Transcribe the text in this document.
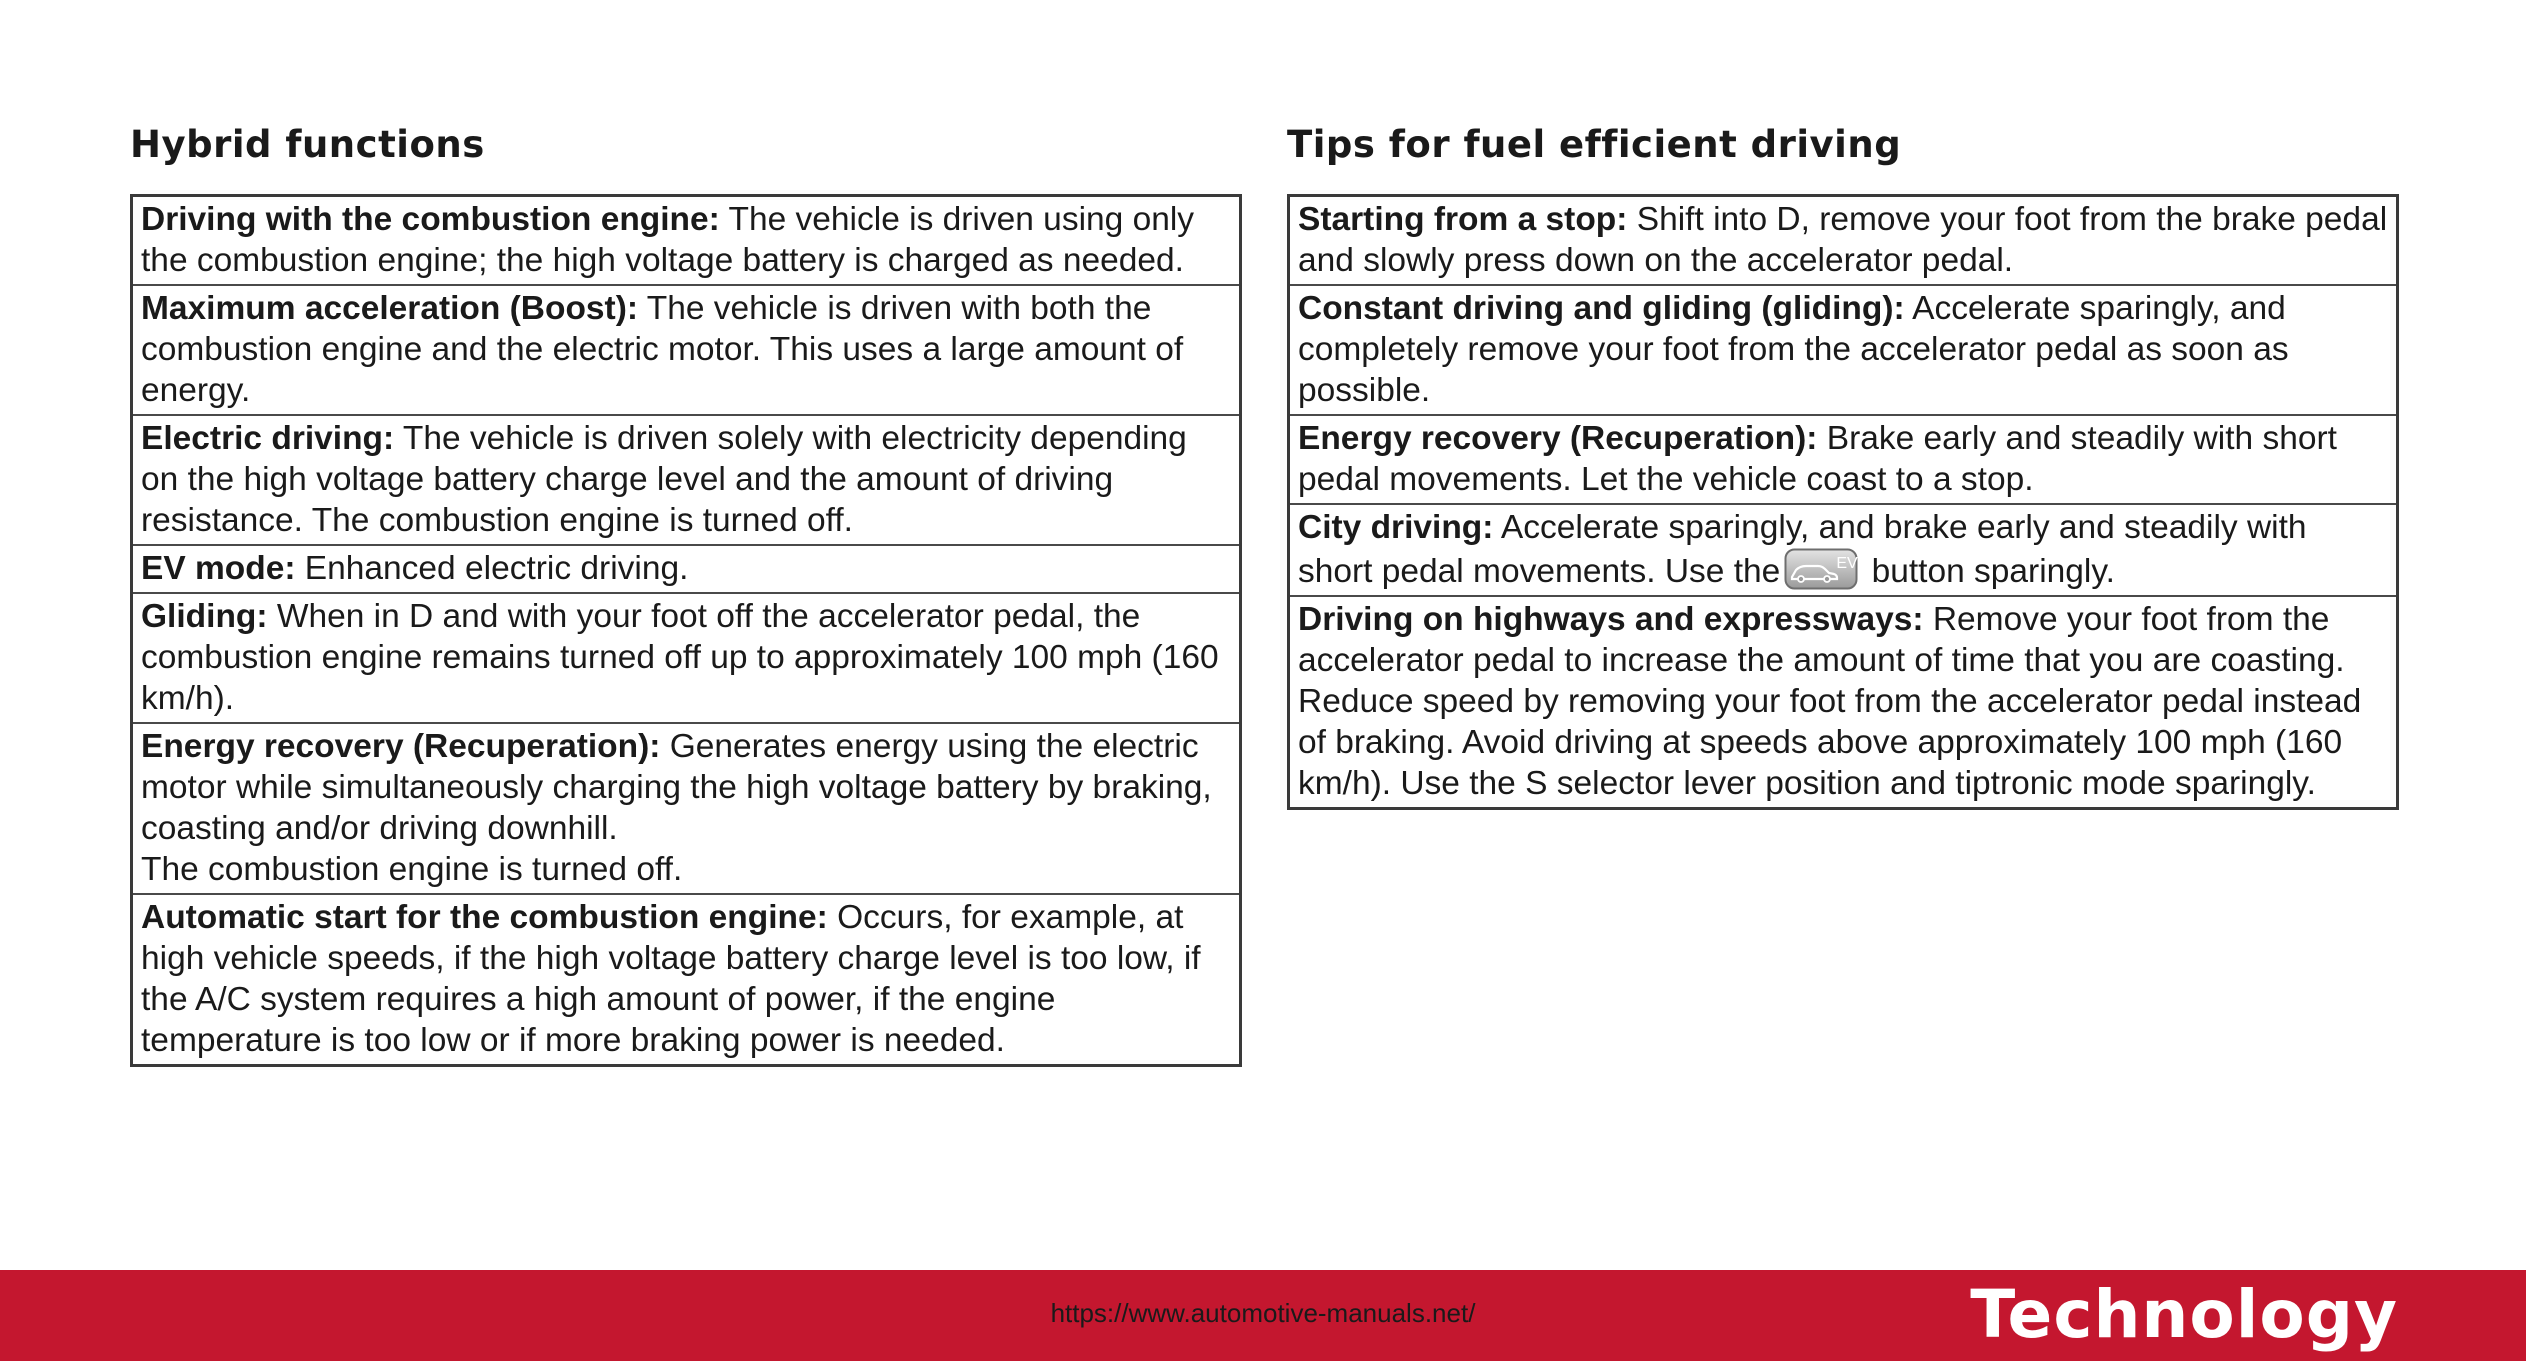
Hybrid functions
Driving with the combustion engine: The vehicle is driven using only the combustion engine; the high voltage battery is charged as needed.
Maximum acceleration (Boost): The vehicle is driven with both the combustion engine and the electric motor. This uses a large amount of energy.
Electric driving: The vehicle is driven solely with electricity depending on the high voltage battery charge level and the amount of driving resistance. The combustion engine is turned off.
EV mode: Enhanced electric driving.
Gliding: When in D and with your foot off the accelerator pedal, the combustion engine remains turned off up to approximately 100 mph (160 km/h).
Energy recovery (Recuperation): Generates energy using the electric motor while simultaneously charging the high voltage battery by braking, coasting and/or driving downhill.
The combustion engine is turned off.
Automatic start for the combustion engine: Occurs, for example, at high vehicle speeds, if the high voltage battery charge level is too low, if the A/C system requires a high amount of power, if the engine temperature is too low or if more braking power is needed.
Tips for fuel efficient driving
Starting from a stop: Shift into D, remove your foot from the brake pedal and slowly press down on the accelerator pedal.
Constant driving and gliding (gliding): Accelerate sparingly, and completely remove your foot from the accelerator pedal as soon as possible.
Energy recovery (Recuperation): Brake early and steadily with short pedal movements. Let the vehicle coast to a stop.
City driving: Accelerate sparingly, and brake early and steadily with short pedal movements. Use the	EV button sparingly.
Driving on highways and expressways: Remove your foot from the accelerator pedal to increase the amount of time that you are coasting. Reduce speed by removing your foot from the accelerator pedal instead of braking. Avoid driving at speeds above approximately 100 mph (160 km/h). Use the S selector lever position and tiptronic mode sparingly.
https://www.automotive-manuals.net/	Technology
